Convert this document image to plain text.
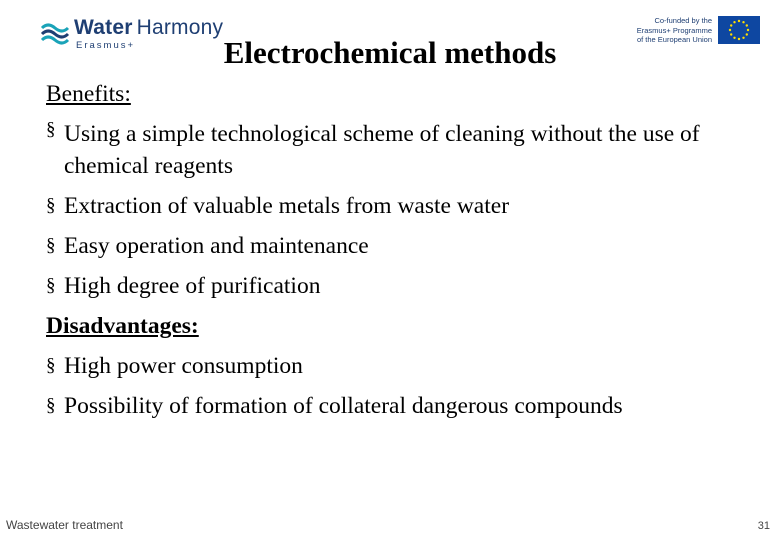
Water Harmony
Erasmus+
Co-funded by the
Erasmus+ Programme
of the European Union
Electrochemical methods
Benefits:
§ Using a simple technological scheme of cleaning without the use of chemical reagents
§ Extraction of valuable metals from waste water
§ Easy operation and maintenance
§ High degree of purification
Disadvantages:
§ High power consumption
§ Possibility of formation of collateral dangerous compounds
Wastewater treatment	31
